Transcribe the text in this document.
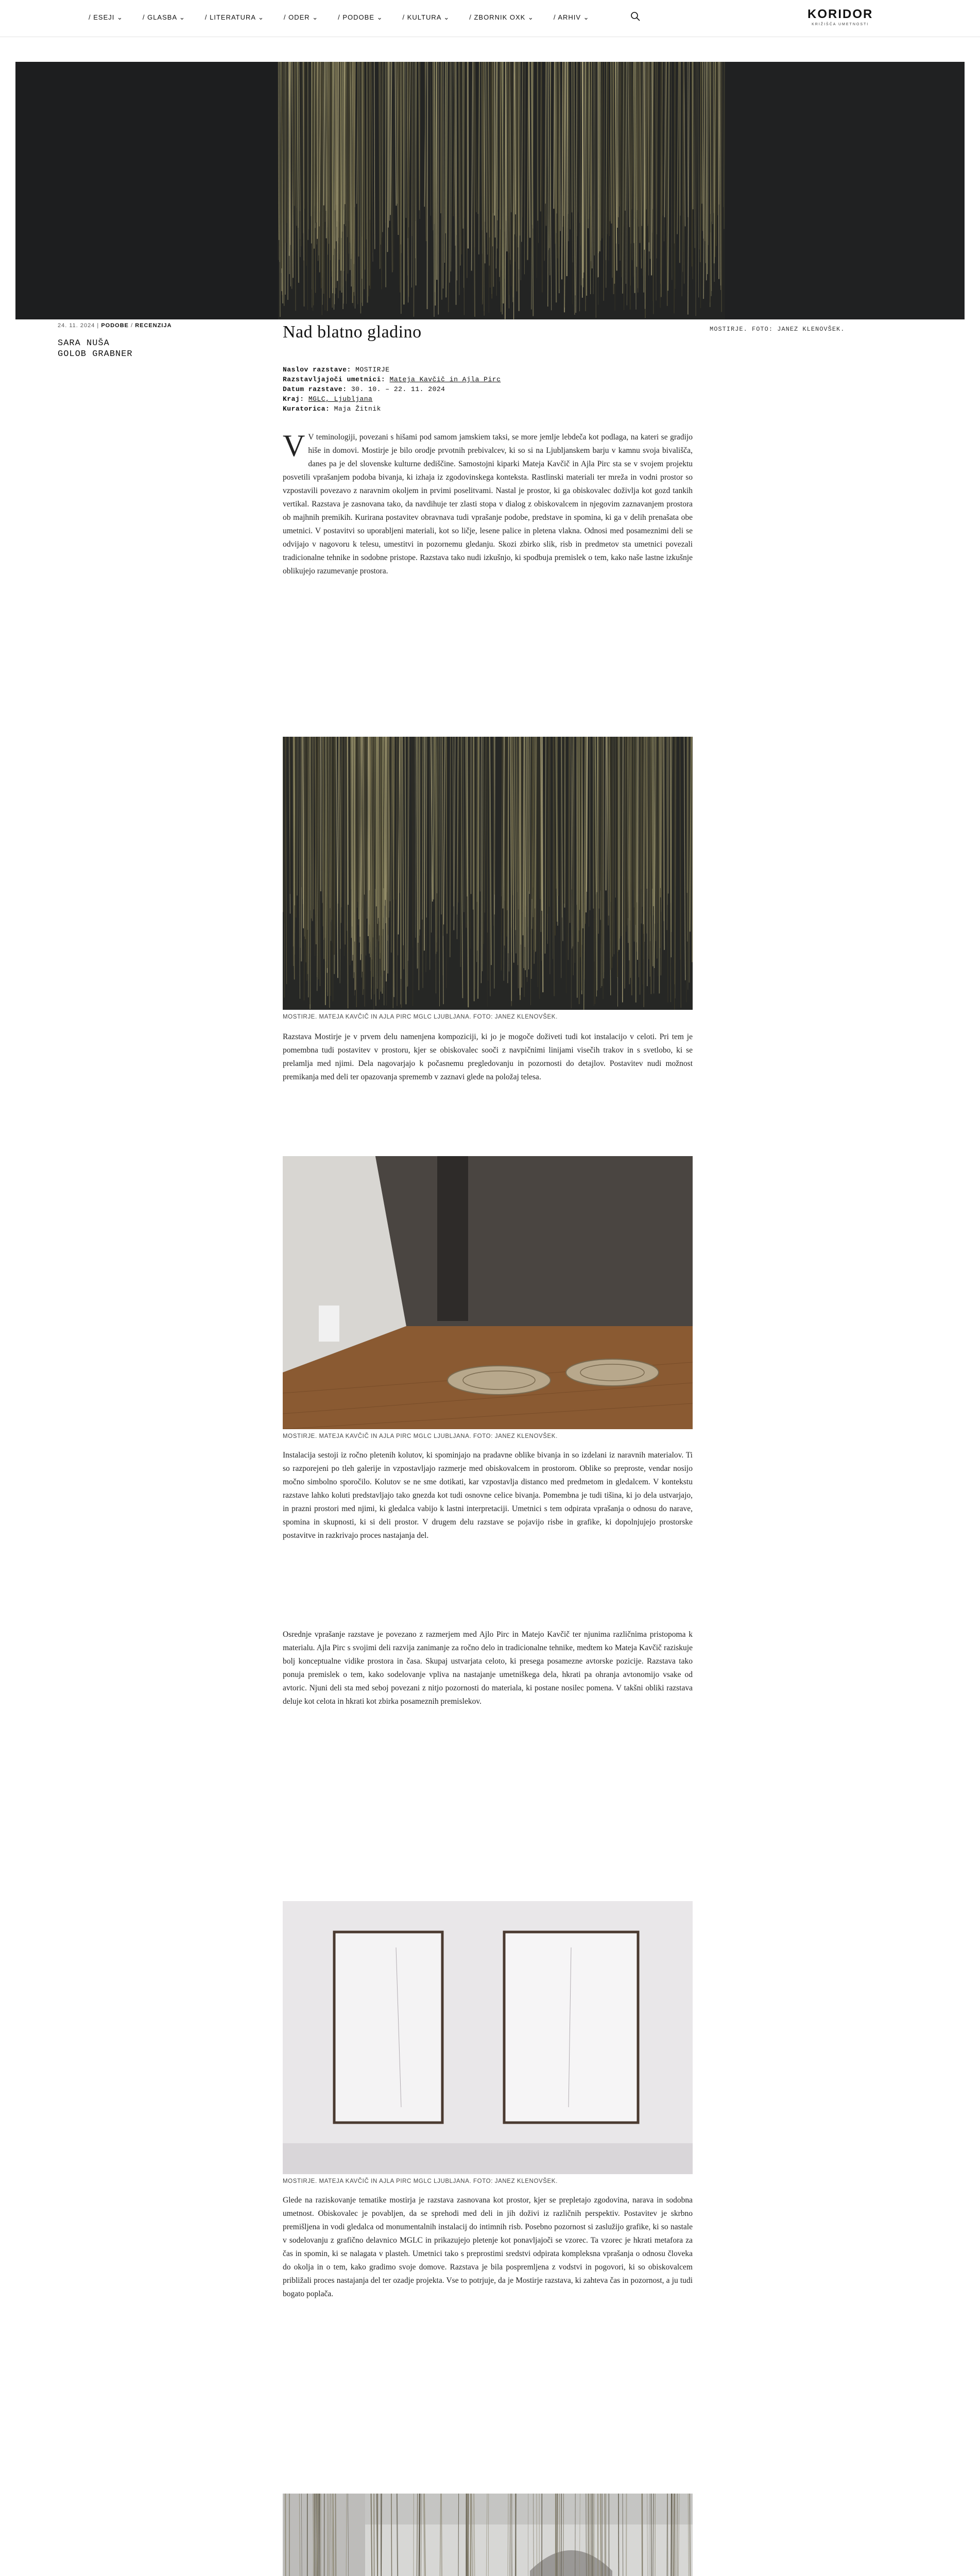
/ ESEJI ⌄	/ GLASBA ⌄	/ LITERATURA ⌄	/ ODER ⌄	/ PODOBE ⌄	/ KULTURA ⌄	/ ZBORNIK OXK ⌄	/ ARHIV ⌄	KORIDOR
KRIŽIŠČA UMETNOSTI
24. 11. 2024 | PODOBE / RECENZIJA
SARA NUŠA
GOLOB GRABNER
MOSTIRJE. FOTO: JANEZ KLENOVŠEK.
Nad blatno gladino
Naslov razstave: MOSTIRJE
Razstavljajoči umetnici: Mateja Kavčič in Ajla Pirc
Datum razstave: 30. 10. – 22. 11. 2024
Kraj: MGLC, Ljubljana
Kuratorica: Maja Žitnik

V V teminologiji, povezani s hišami pod samom jamskiem taksi, se more jemlje lebdeča kot podlaga, na kateri se gradijo hiše in domovi. Mostirje je bilo orodje prvotnih prebivalcev, ki so si na Ljubljanskem barju v kamnu svoja bivališča, danes pa je del slovenske kulturne dediščine. Samostojni kiparki Mateja Kavčič in Ajla Pirc sta se v svojem projektu posvetili vprašanjem podoba bivanja, ki izhaja iz zgodovinskega konteksta. Rastlinski materiali ter mreža in vodni prostor so vzpostavili povezavo z naravnim okoljem in prvimi poselitvami. Nastal je prostor, ki ga obiskovalec doživlja kot gozd tankih vertikal. Razstava je zasnovana tako, da navdihuje ter zlasti stopa v dialog z obiskovalcem in njegovim zaznavanjem prostora ob majhnih premikih. Kurirana postavitev obravnava tudi vprašanje podobe, predstave in spomina, ki ga v delih prenašata obe umetnici. V postavitvi so uporabljeni materiali, kot so ličje, lesene palice in pletena vlakna. Odnosi med posameznimi deli se odvijajo v nagovoru k telesu, umestitvi in pozornemu gledanju. Skozi zbirko slik, risb in predmetov sta umetnici povezali tradicionalne tehnike in sodobne pristope. Razstava tako nudi izkušnjo, ki spodbuja premislek o tem, kako naše lastne izkušnje oblikujejo razumevanje prostora.

MOSTIRJE. MATEJA KAVČIČ IN AJLA PIRC MGLC LJUBLJANA. FOTO: JANEZ KLENOVŠEK.

Razstava Mostirje je v prvem delu namenjena kompoziciji, ki jo je mogoče doživeti tudi kot instalacijo v celoti. Pri tem je pomembna tudi postavitev v prostoru, kjer se obiskovalec sooči z navpičnimi linijami visečih trakov in s svetlobo, ki se prelamlja med njimi. Dela nagovarjajo k počasnemu pregledovanju in pozornosti do detajlov. Postavitev nudi možnost premikanja med deli ter opazovanja sprememb v zaznavi glede na položaj telesa.

MOSTIRJE. MATEJA KAVČIČ IN AJLA PIRC MGLC LJUBLJANA. FOTO: JANEZ KLENOVŠEK.

Instalacija sestoji iz ročno pletenih kolutov, ki spominjajo na pradavne oblike bivanja in so izdelani iz naravnih materialov. Ti so razporejeni po tleh galerije in vzpostavljajo razmerje med obiskovalcem in prostorom. Oblike so preproste, vendar nosijo močno simbolno sporočilo. Kolutov se ne sme dotikati, kar vzpostavlja distanco med predmetom in gledalcem. V kontekstu razstave lahko koluti predstavljajo tako gnezda kot tudi osnovne celice bivanja. Pomembna je tudi tišina, ki jo dela ustvarjajo, in prazni prostori med njimi, ki gledalca vabijo k lastni interpretaciji. Umetnici s tem odpirata vprašanja o odnosu do narave, spomina in skupnosti, ki si deli prostor. V drugem delu razstave se pojavijo risbe in grafike, ki dopolnjujejo prostorske postavitve in razkrivajo proces nastajanja del.

Osrednje vprašanje razstave je povezano z razmerjem med Ajlo Pirc in Matejo Kavčič ter njunima različnima pristopoma k materialu. Ajla Pirc s svojimi deli razvija zanimanje za ročno delo in tradicionalne tehnike, medtem ko Mateja Kavčič raziskuje bolj konceptualne vidike prostora in časa. Skupaj ustvarjata celoto, ki presega posamezne avtorske pozicije. Razstava tako ponuja premislek o tem, kako sodelovanje vpliva na nastajanje umetniškega dela, hkrati pa ohranja avtonomijo vsake od avtoric. Njuni deli sta med seboj povezani z nitjo pozornosti do materiala, ki postane nosilec pomena. V takšni obliki razstava deluje kot celota in hkrati kot zbirka posameznih premislekov.

MOSTIRJE. MATEJA KAVČIČ IN AJLA PIRC MGLC LJUBLJANA. FOTO: JANEZ KLENOVŠEK.

Glede na raziskovanje tematike mostirja je razstava zasnovana kot prostor, kjer se prepletajo zgodovina, narava in sodobna umetnost. Obiskovalec je povabljen, da se sprehodi med deli in jih doživi iz različnih perspektiv. Postavitev je skrbno premišljena in vodi gledalca od monumentalnih instalacij do intimnih risb. Posebno pozornost si zaslužijo grafike, ki so nastale v sodelovanju z grafično delavnico MGLC in prikazujejo pletenje kot ponavljajoči se vzorec. Ta vzorec je hkrati metafora za čas in spomin, ki se nalagata v plasteh. Umetnici tako s preprostimi sredstvi odpirata kompleksna vprašanja o odnosu človeka do okolja in o tem, kako gradimo svoje domove. Razstava je bila pospremljena z vodstvi in pogovori, ki so obiskovalcem približali proces nastajanja del ter ozadje projekta. Vse to potrjuje, da je Mostirje razstava, ki zahteva čas in pozornost, a ju tudi bogato poplača.
